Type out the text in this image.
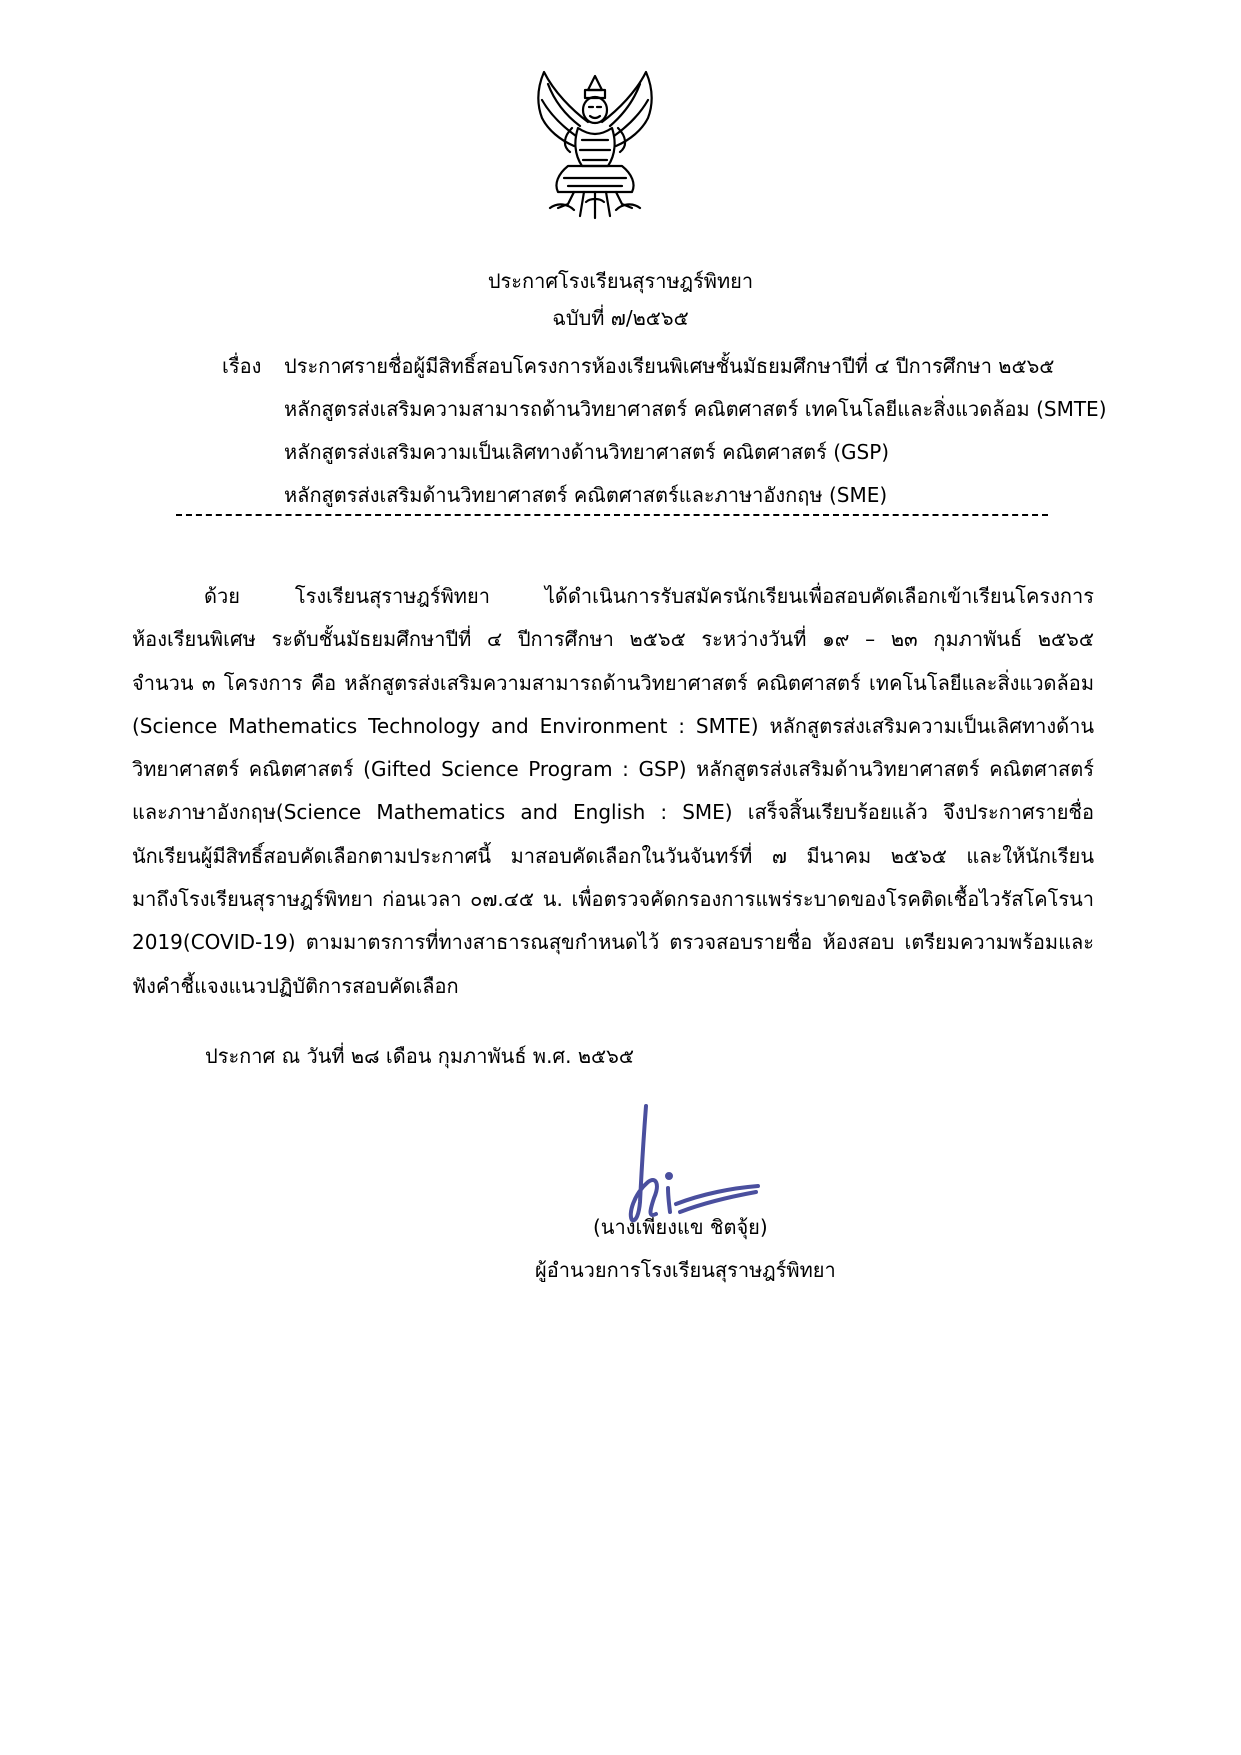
ประกาศโรงเรียนสุราษฎร์พิทยา
ฉบับที่ ๗/๒๕๖๕
เรื่อง ประกาศรายชื่อผู้มีสิทธิ์สอบโครงการห้องเรียนพิเศษชั้นมัธยมศึกษาปีที่ ๔ ปีการศึกษา ๒๕๖๕
หลักสูตรส่งเสริมความสามารถด้านวิทยาศาสตร์ คณิตศาสตร์ เทคโนโลยีและสิ่งแวดล้อม (SMTE)
หลักสูตรส่งเสริมความเป็นเลิศทางด้านวิทยาศาสตร์ คณิตศาสตร์ (GSP)
หลักสูตรส่งเสริมด้านวิทยาศาสตร์ คณิตศาสตร์และภาษาอังกฤษ (SME)
ด้วย โรงเรียนสุราษฎร์พิทยา ได้ดำเนินการรับสมัครนักเรียนเพื่อสอบคัดเลือกเข้าเรียนโครงการ
ห้องเรียนพิเศษ ระดับชั้นมัธยมศึกษาปีที่ ๔ ปีการศึกษา ๒๕๖๕ ระหว่างวันที่ ๑๙ – ๒๓ กุมภาพันธ์ ๒๕๖๕
จำนวน ๓ โครงการ คือ หลักสูตรส่งเสริมความสามารถด้านวิทยาศาสตร์ คณิตศาสตร์ เทคโนโลยีและสิ่งแวดล้อม
(Science Mathematics Technology and Environment : SMTE) หลักสูตรส่งเสริมความเป็นเลิศทางด้าน
วิทยาศาสตร์ คณิตศาสตร์ (Gifted Science Program : GSP) หลักสูตรส่งเสริมด้านวิทยาศาสตร์ คณิตศาสตร์
และภาษาอังกฤษ(Science Mathematics and English : SME) เสร็จสิ้นเรียบร้อยแล้ว จึงประกาศรายชื่อ
นักเรียนผู้มีสิทธิ์สอบคัดเลือกตามประกาศนี้ มาสอบคัดเลือกในวันจันทร์ที่ ๗ มีนาคม ๒๕๖๕ และให้นักเรียน
มาถึงโรงเรียนสุราษฎร์พิทยา ก่อนเวลา ๐๗.๔๕ น. เพื่อตรวจคัดกรองการแพร่ระบาดของโรคติดเชื้อไวรัสโคโรนา
2019(COVID-19) ตามมาตรการที่ทางสาธารณสุขกำหนดไว้ ตรวจสอบรายชื่อ ห้องสอบ เตรียมความพร้อมและ
ฟังคำชี้แจงแนวปฏิบัติการสอบคัดเลือก
ประกาศ ณ วันที่ ๒๘ เดือน กุมภาพันธ์ พ.ศ. ๒๕๖๕
(นางเพียงแข ชิตจุ้ย)
ผู้อำนวยการโรงเรียนสุราษฎร์พิทยา
